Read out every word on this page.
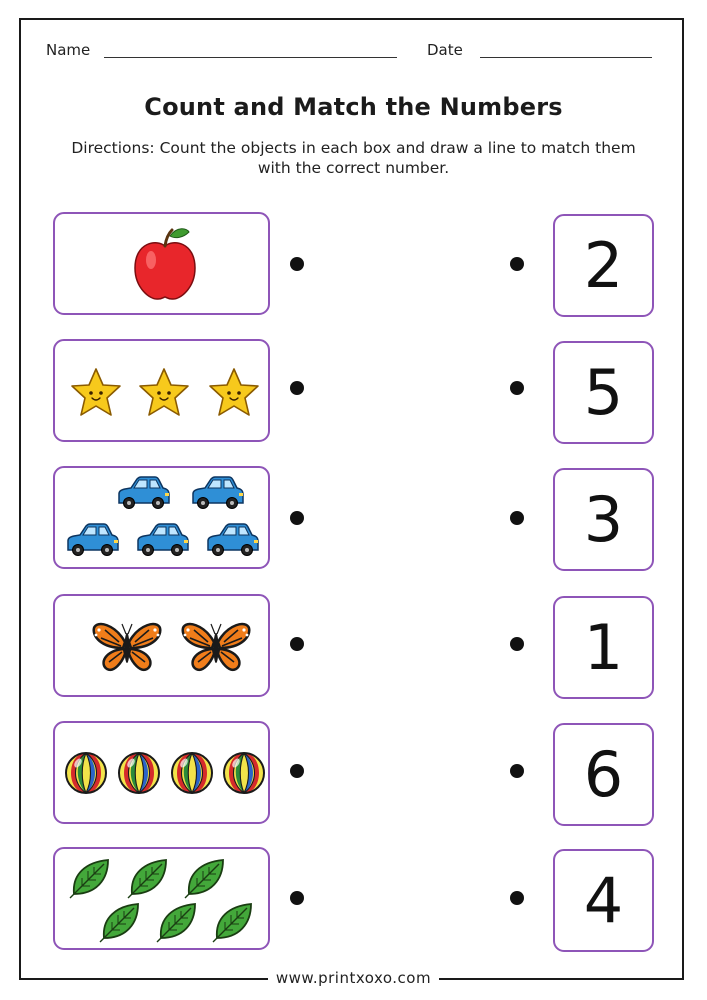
Name	Date
Count and Match the Numbers
Directions: Count the objects in each box and draw a line to match them with the correct number.
2
5
3
1
6
4
www.printxoxo.com
